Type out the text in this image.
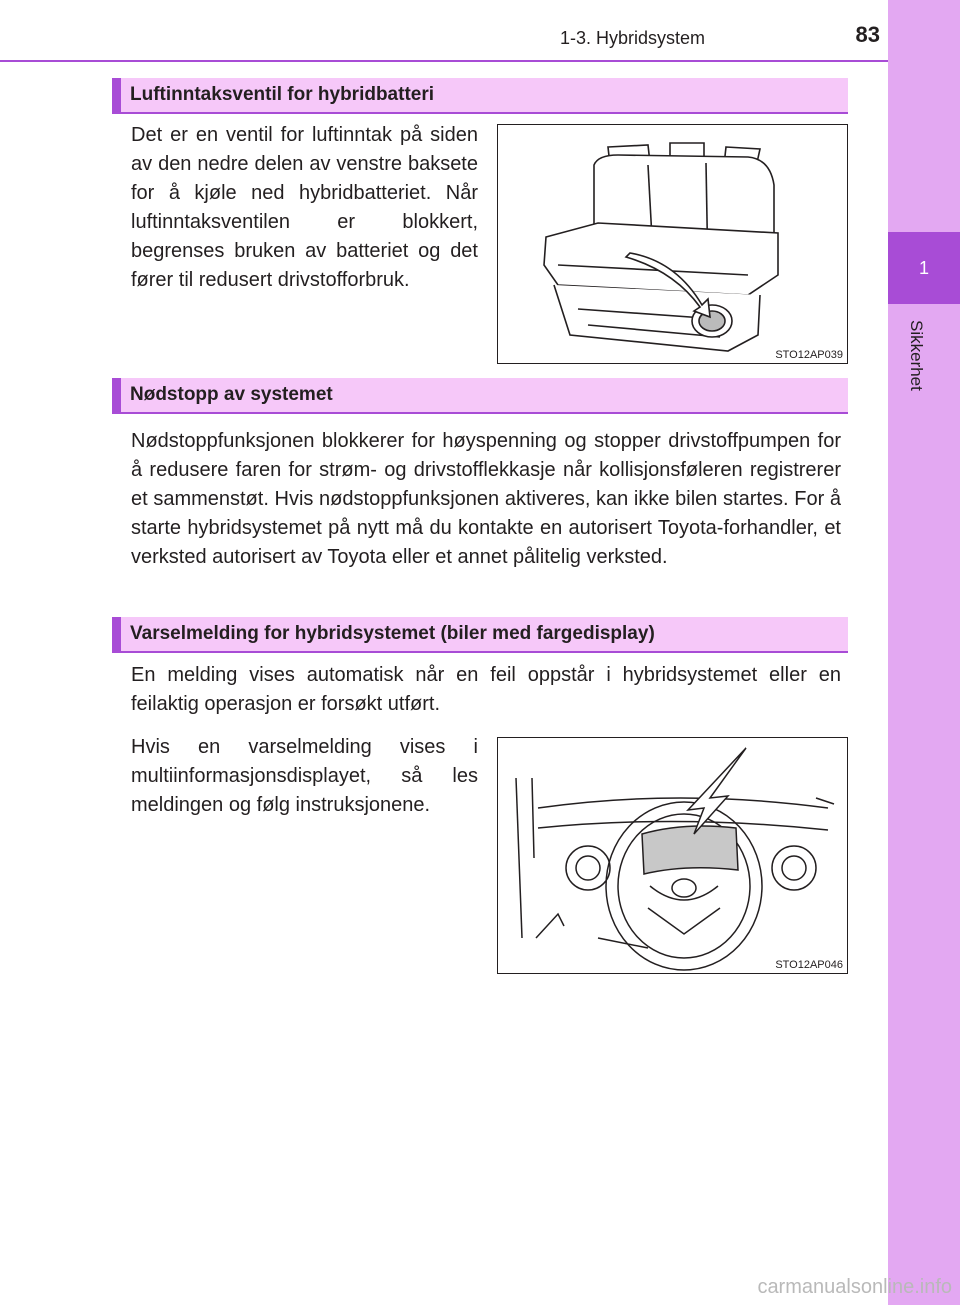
1
Sikkerhet
1-3. Hybridsystem	83
Luftinntaksventil for hybridbatteri

Det er en ventil for luftinntak på siden av den nedre delen av venstre baksete for å kjøle ned hybridbatteriet. Når luftinntaksventilen er blokkert, begrenses bruken av batteriet og det fører til redusert drivstofforbruk.

STO12AP039
Nødstopp av systemet

Nødstoppfunksjonen blokkerer for høyspenning og stopper drivstoffpumpen for å redusere faren for strøm- og drivstofflekkasje når kollisjonsføleren registrerer et sammenstøt. Hvis nødstoppfunksjonen aktiveres, kan ikke bilen startes. For å starte hybridsystemet på nytt må du kontakte en autorisert Toyota-forhandler, et verksted autorisert av Toyota eller et annet pålitelig verksted.

Varselmelding for hybridsystemet (biler med fargedisplay)

En melding vises automatisk når en feil oppstår i hybridsystemet eller en feilaktig operasjon er forsøkt utført.

Hvis en varselmelding vises i multiinformasjonsdisplayet, så les meldingen og følg instruksjonene.

STO12AP046
carmanualsonline.info
